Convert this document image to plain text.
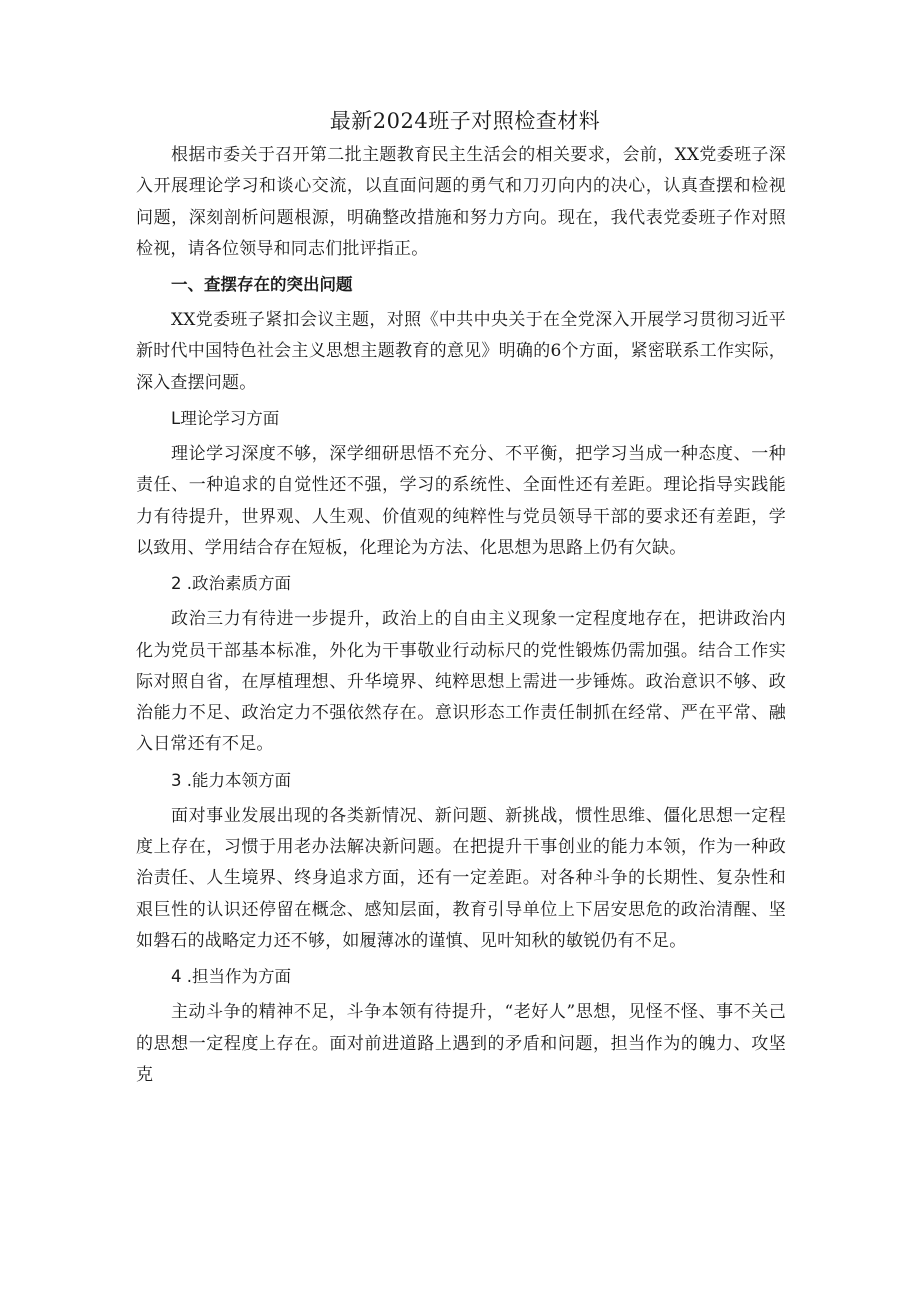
最新2024班子对照检查材料

根据市委关于召开第二批主题教育民主生活会的相关要求，会前，XX党委班子深入开展理论学习和谈心交流，以直面问题的勇气和刀刃向内的决心，认真查摆和检视问题，深刻剖析问题根源，明确整改措施和努力方向。现在，我代表党委班子作对照检视，请各位领导和同志们批评指正。

一、查摆存在的突出问题

XX党委班子紧扣会议主题，对照《中共中央关于在全党深入开展学习贯彻习近平新时代中国特色社会主义思想主题教育的意见》明确的6个方面，紧密联系工作实际，深入查摆问题。

L理论学习方面

理论学习深度不够，深学细研思悟不充分、不平衡，把学习当成一种态度、一种责任、一种追求的自觉性还不强，学习的系统性、全面性还有差距。理论指导实践能力有待提升，世界观、人生观、价值观的纯粹性与党员领导干部的要求还有差距，学以致用、学用结合存在短板，化理论为方法、化思想为思路上仍有欠缺。

2 .政治素质方面

政治三力有待进一步提升，政治上的自由主义现象一定程度地存在，把讲政治内化为党员干部基本标准，外化为干事敬业行动标尺的党性锻炼仍需加强。结合工作实际对照自省，在厚植理想、升华境界、纯粹思想上需进一步锤炼。政治意识不够、政治能力不足、政治定力不强依然存在。意识形态工作责任制抓在经常、严在平常、融入日常还有不足。

3 .能力本领方面

面对事业发展出现的各类新情况、新问题、新挑战，惯性思维、僵化思想一定程度上存在，习惯于用老办法解决新问题。在把提升干事创业的能力本领，作为一种政治责任、人生境界、终身追求方面，还有一定差距。对各种斗争的长期性、复杂性和艰巨性的认识还停留在概念、感知层面，教育引导单位上下居安思危的政治清醒、坚如磐石的战略定力还不够，如履薄冰的谨慎、见叶知秋的敏锐仍有不足。

4 .担当作为方面

主动斗争的精神不足，斗争本领有待提升，“老好人”思想，见怪不怪、事不关己的思想一定程度上存在。面对前进道路上遇到的矛盾和问题，担当作为的魄力、攻坚克
